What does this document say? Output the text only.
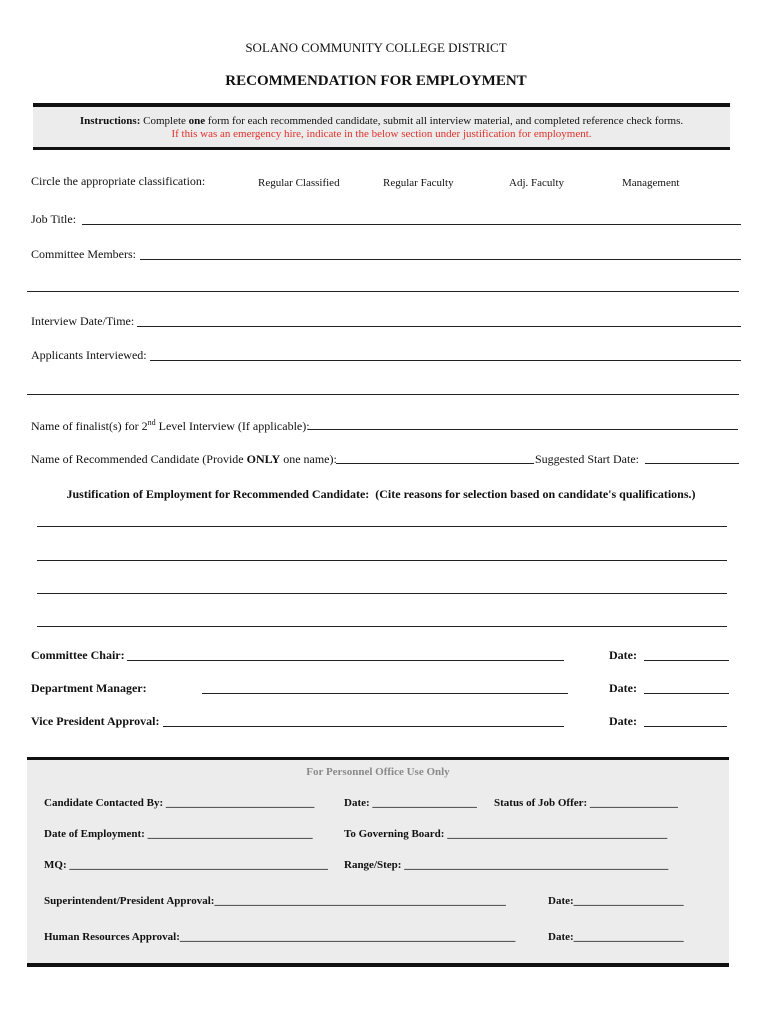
SOLANO COMMUNITY COLLEGE DISTRICT
RECOMMENDATION FOR EMPLOYMENT
Instructions: Complete one form for each recommended candidate, submit all interview material, and completed reference check forms.
If this was an emergency hire, indicate in the below section under justification for employment.
Circle the appropriate classification:	Regular Classified	Regular Faculty	Adj. Faculty	Management
Job Title:
Committee Members:
Interview Date/Time:
Applicants Interviewed:
Name of finalist(s) for 2nd Level Interview (If applicable):
Name of Recommended Candidate (Provide ONLY one name):	Suggested Start Date:
Justification of Employment for Recommended Candidate: (Cite reasons for selection based on candidate's qualifications.)
Committee Chair:	Date:
Department Manager:	Date:
Vice President Approval:	Date:
For Personnel Office Use Only
Candidate Contacted By: ___________________________	Date: ___________________ Status of Job Offer: ________________
Date of Employment: ______________________________	To Governing Board: ________________________________________
MQ: _______________________________________________ Range/Step: ________________________________________________
Superintendent/President Approval:_____________________________________________________	Date:____________________
Human Resources Approval:_____________________________________________________________	Date:____________________
